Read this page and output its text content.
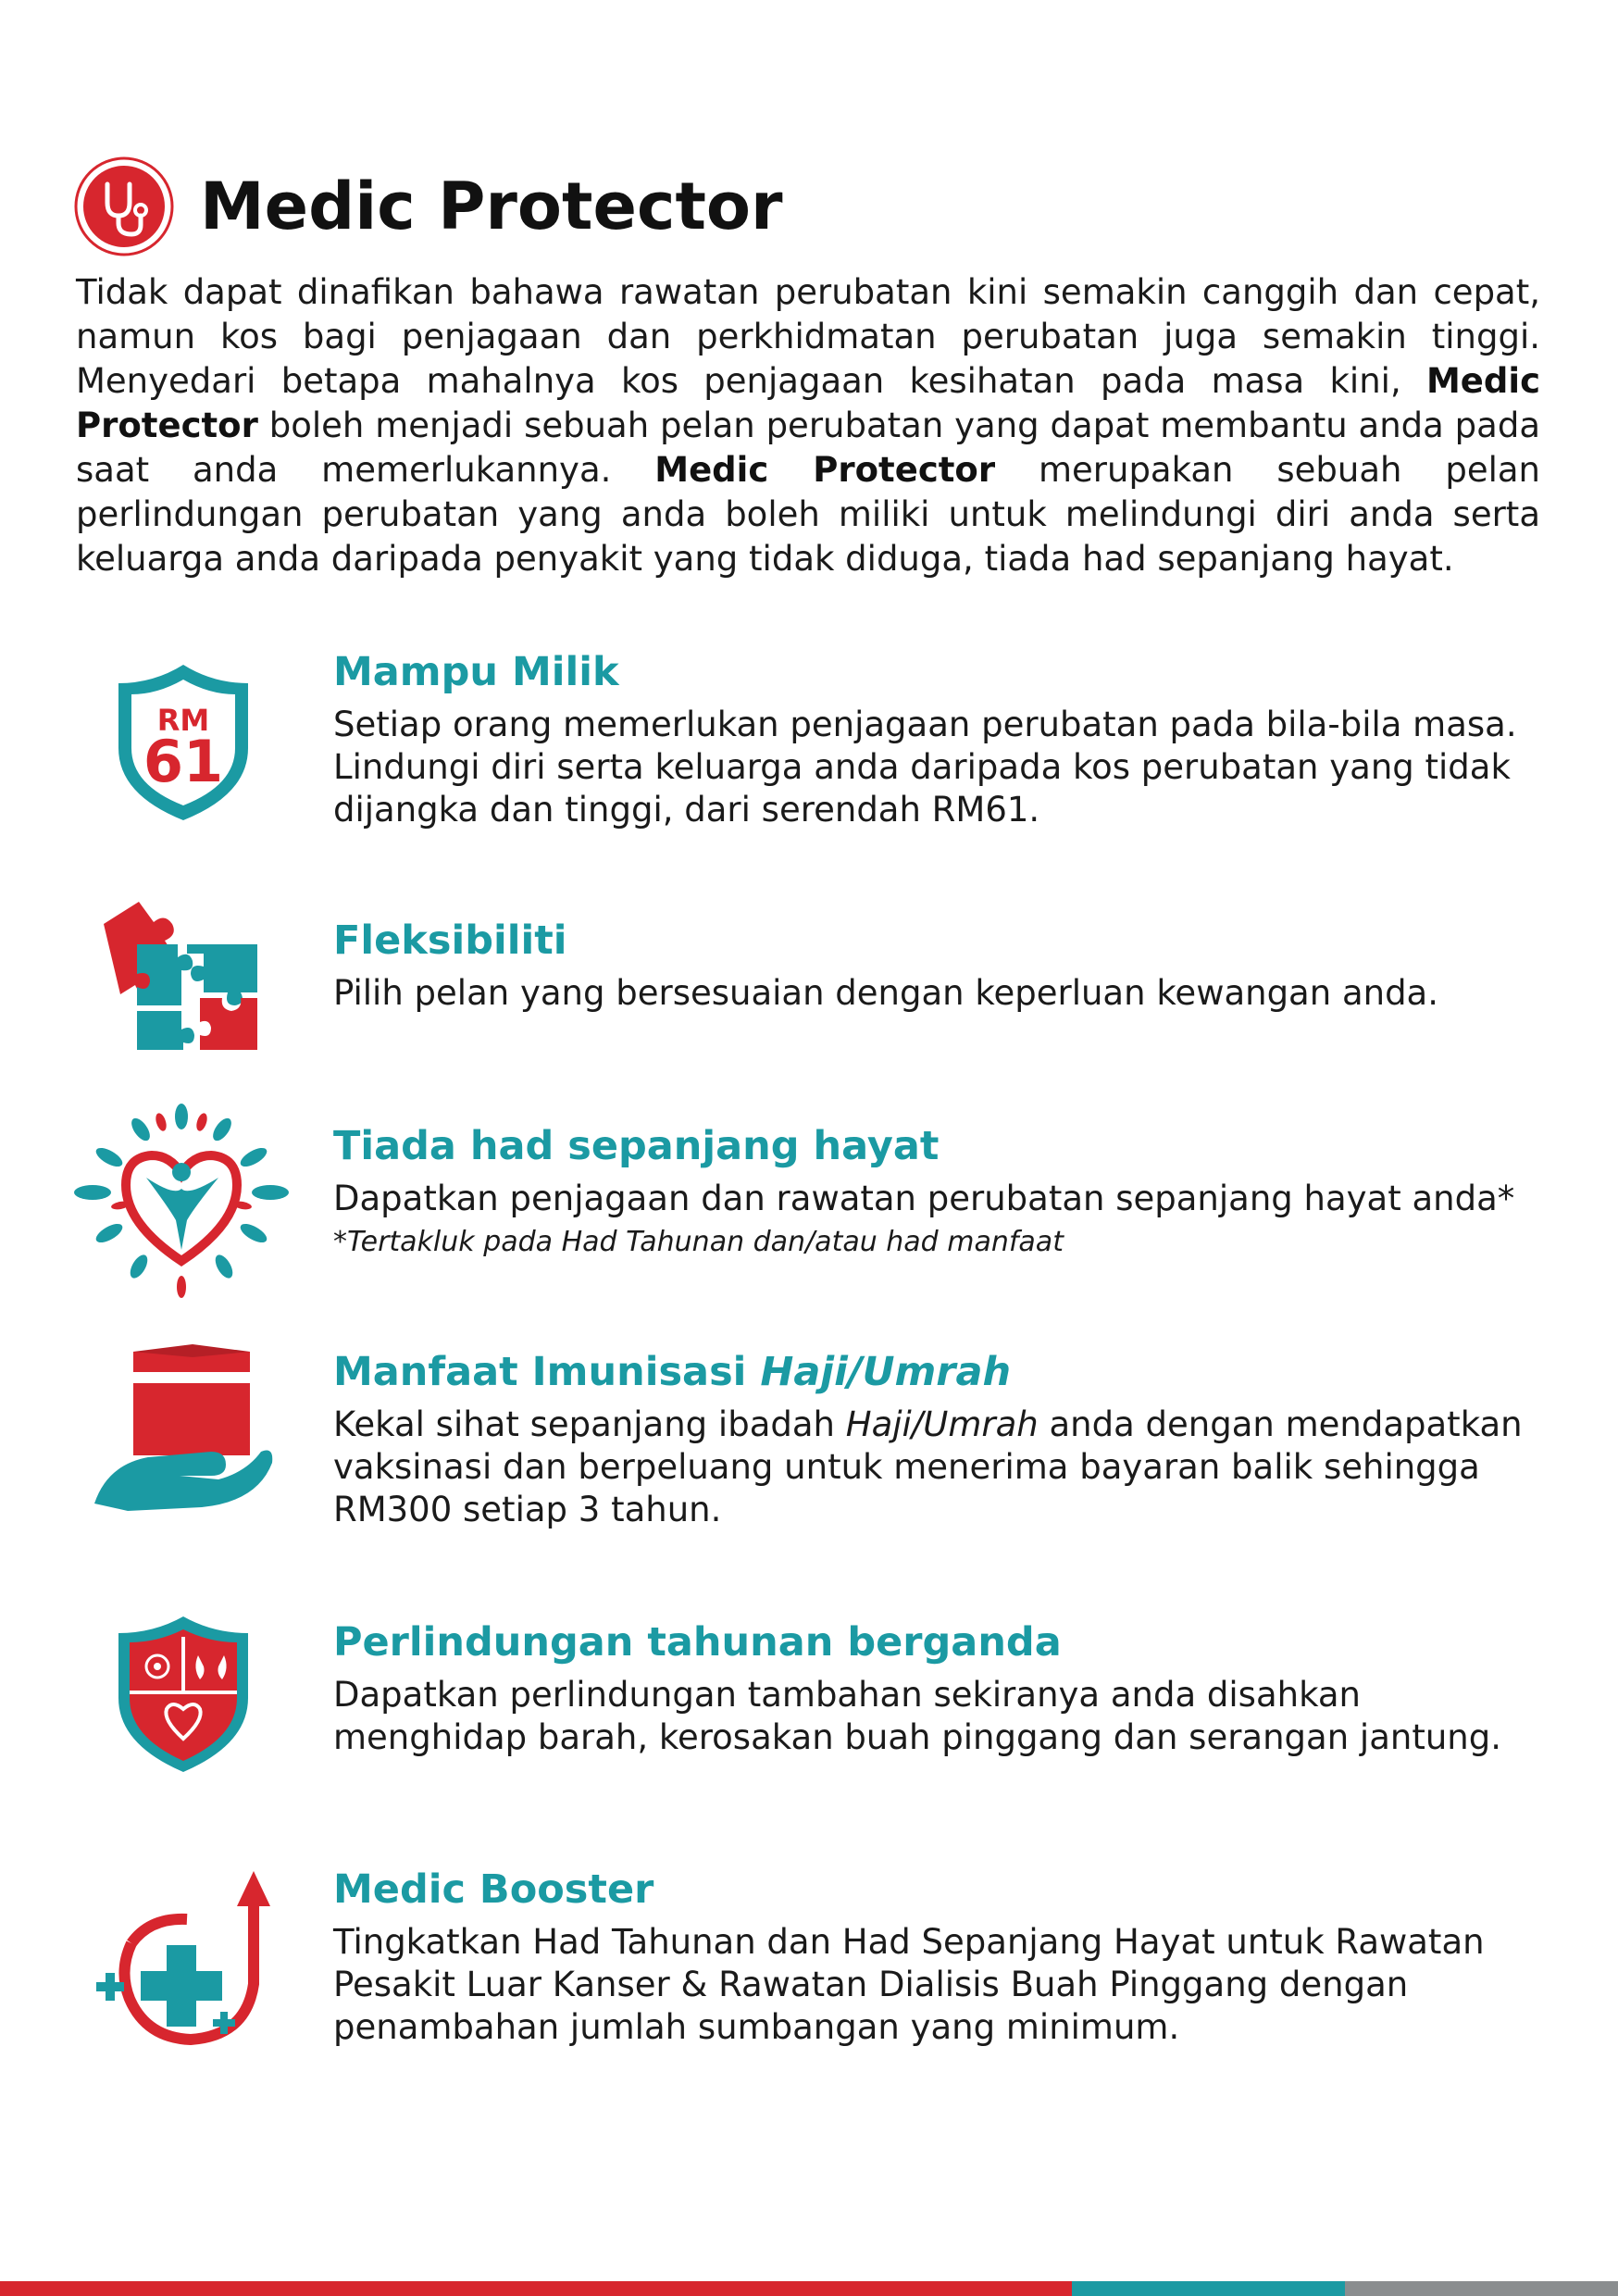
Medic Protector

Tidak dapat dinafikan bahawa rawatan perubatan kini semakin canggih dan cepat, namun kos bagi penjagaan dan perkhidmatan perubatan juga semakin tinggi. Menyedari betapa mahalnya kos penjagaan kesihatan pada masa kini, Medic Protector boleh menjadi sebuah pelan perubatan yang dapat membantu anda pada saat anda memerlukannya. Medic Protector merupakan sebuah pelan perlindungan perubatan yang anda boleh miliki untuk melindungi diri anda serta keluarga anda daripada penyakit yang tidak diduga, tiada had sepanjang hayat.

RM
61
Mampu Milik

Setiap orang memerlukan penjagaan perubatan pada bila-bila masa. Lindungi diri serta keluarga anda daripada kos perubatan yang tidak dijangka dan tinggi, dari serendah RM61.

Fleksibiliti

Pilih pelan yang bersesuaian dengan keperluan kewangan anda.

Tiada had sepanjang hayat

Dapatkan penjagaan dan rawatan perubatan sepanjang hayat anda*

*Tertakluk pada Had Tahunan dan/atau had manfaat

Manfaat Imunisasi Haji/Umrah

Kekal sihat sepanjang ibadah Haji/Umrah anda dengan mendapatkan vaksinasi dan berpeluang untuk menerima bayaran balik sehingga RM300 setiap 3 tahun.

Perlindungan tahunan berganda

Dapatkan perlindungan tambahan sekiranya anda disahkan menghidap barah, kerosakan buah pinggang dan serangan jantung.

Medic Booster

Tingkatkan Had Tahunan dan Had Sepanjang Hayat untuk Rawatan Pesakit Luar Kanser & Rawatan Dialisis Buah Pinggang dengan penambahan jumlah sumbangan yang minimum.
